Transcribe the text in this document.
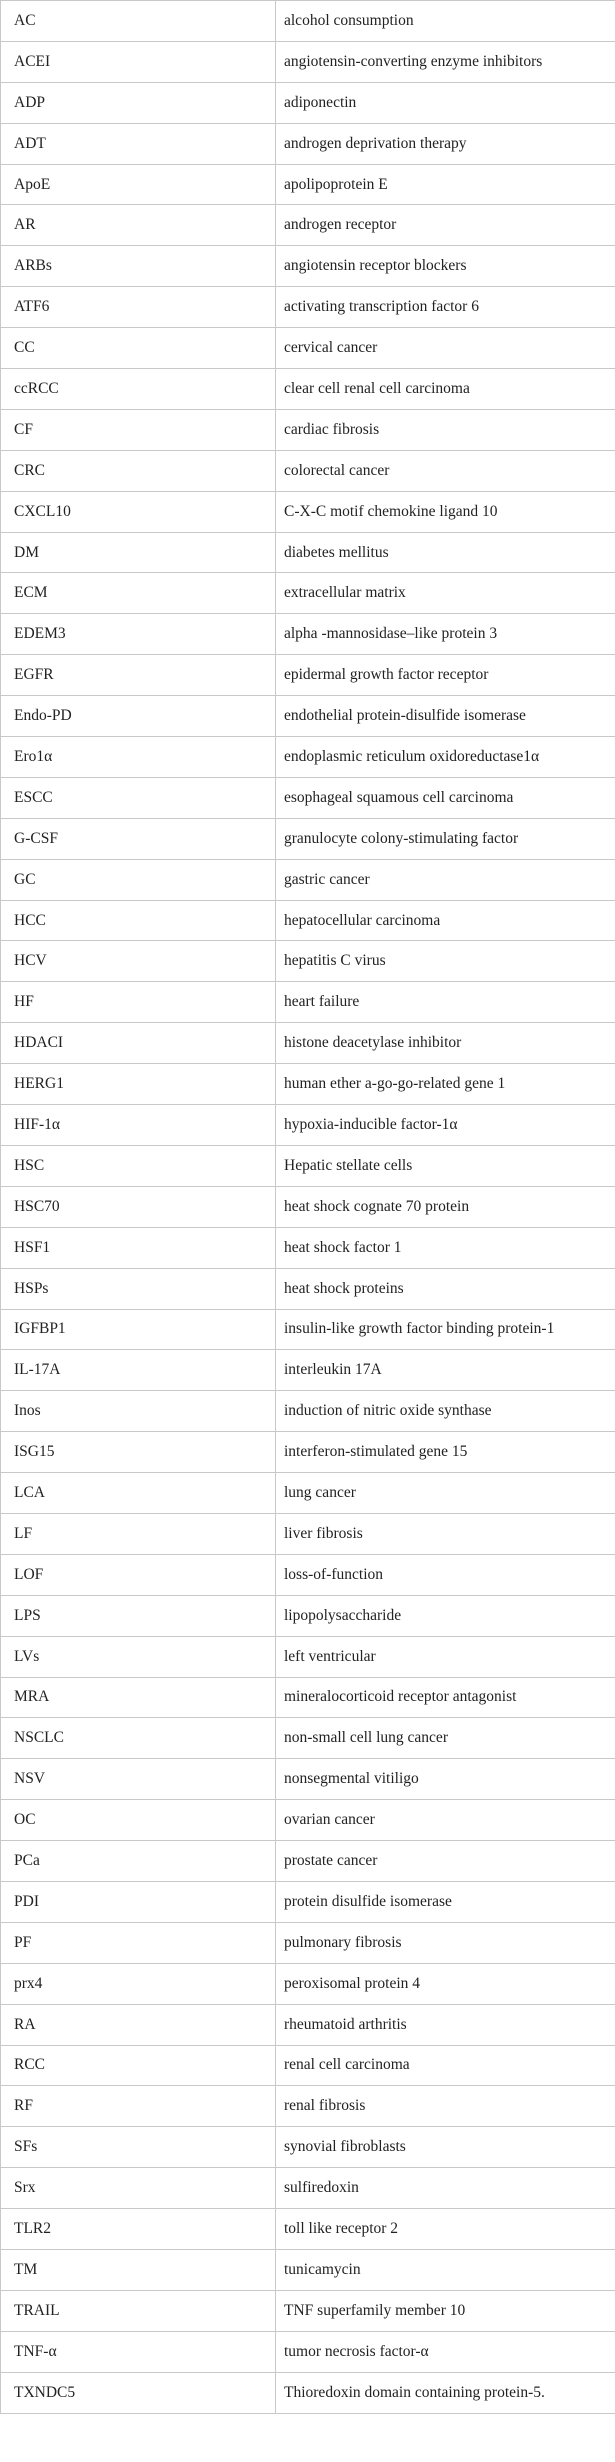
AC	alcohol consumption
ACEI	angiotensin-converting enzyme inhibitors
ADP	adiponectin
ADT	androgen deprivation therapy
ApoE	apolipoprotein E
AR	androgen receptor
ARBs	angiotensin receptor blockers
ATF6	activating transcription factor 6
CC	cervical cancer
ccRCC	clear cell renal cell carcinoma
CF	cardiac fibrosis
CRC	colorectal cancer
CXCL10	C-X-C motif chemokine ligand 10
DM	diabetes mellitus
ECM	extracellular matrix
EDEM3	alpha -mannosidase–like protein 3
EGFR	epidermal growth factor receptor
Endo-PD	endothelial protein-disulfide isomerase
Ero1α	endoplasmic reticulum oxidoreductase1α
ESCC	esophageal squamous cell carcinoma
G-CSF	granulocyte colony-stimulating factor
GC	gastric cancer
HCC	hepatocellular carcinoma
HCV	hepatitis C virus
HF	heart failure
HDACI	histone deacetylase inhibitor
HERG1	human ether a-go-go-related gene 1
HIF-1α	hypoxia-inducible factor-1α
HSC	Hepatic stellate cells
HSC70	heat shock cognate 70 protein
HSF1	heat shock factor 1
HSPs	heat shock proteins
IGFBP1	insulin-like growth factor binding protein-1
IL-17A	interleukin 17A
Inos	induction of nitric oxide synthase
ISG15	interferon-stimulated gene 15
LCA	lung cancer
LF	liver fibrosis
LOF	loss-of-function
LPS	lipopolysaccharide
LVs	left ventricular
MRA	mineralocorticoid receptor antagonist
NSCLC	non-small cell lung cancer
NSV	nonsegmental vitiligo
OC	ovarian cancer
PCa	prostate cancer
PDI	protein disulfide isomerase
PF	pulmonary fibrosis
prx4	peroxisomal protein 4
RA	rheumatoid arthritis
RCC	renal cell carcinoma
RF	renal fibrosis
SFs	synovial fibroblasts
Srx	sulfiredoxin
TLR2	toll like receptor 2
TM	tunicamycin
TRAIL	TNF superfamily member 10
TNF-α	tumor necrosis factor-α
TXNDC5	Thioredoxin domain containing protein-5.
